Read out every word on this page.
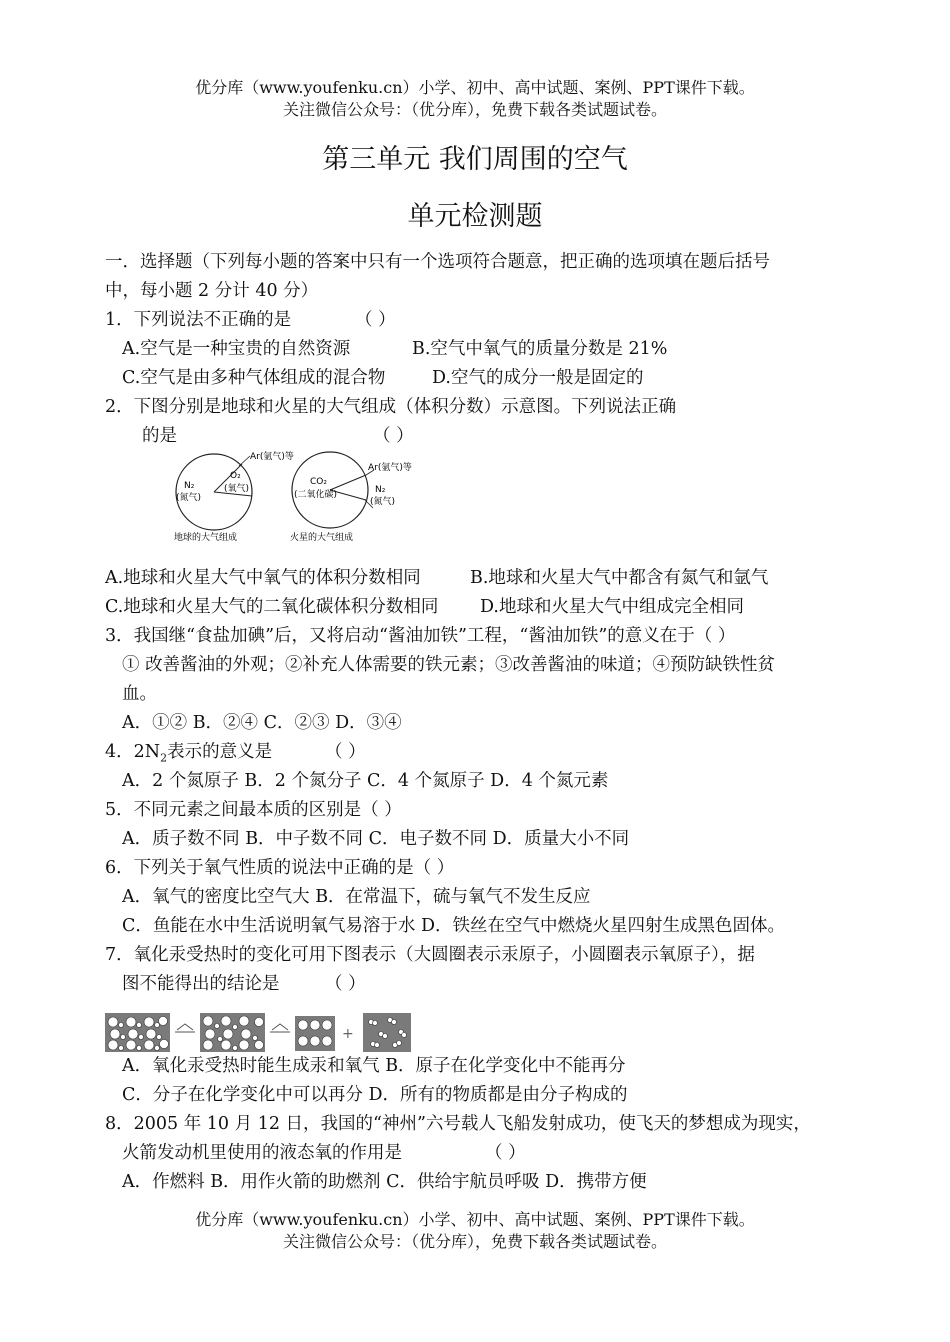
优分库（www.youfenku.cn）小学、初中、高中试题、案例、PPT课件下载。
关注微信公众号：（优分库），免费下载各类试题试卷。
第三单元 我们周围的空气
单元检测题
一．选择题（下列每小题的答案中只有一个选项符合题意，把正确的选项填在题后括号
中，每小题 2 分计 40 分）
1．下列说法不正确的是	（ ）
A.空气是一种宝贵的自然资源	B.空气中氧气的质量分数是 21%
C.空气是由多种气体组成的混合物	D.空气的成分一般是固定的
2．下图分别是地球和火星的大气组成（体积分数）示意图。下列说法正确
的是	（ ）
N₂
(氮气)
O₂
(氧气)
Ar(氩气)等
地球的大气组成
CO₂
(二氧化碳)
Ar(氩气)等
N₂
(氮气)
火星的大气组成
A.地球和火星大气中氧气的体积分数相同	B.地球和火星大气中都含有氮气和氩气
C.地球和火星大气的二氧化碳体积分数相同 D.地球和火星大气中组成完全相同
3．我国继“食盐加碘”后，又将启动“酱油加铁”工程，“酱油加铁”的意义在于（ ）
① 改善酱油的外观；②补充人体需要的铁元素；③改善酱油的味道；④预防缺铁性贫
血。
A．①② B．②④ C．②③ D．③④
4．$2N_2$表示的意义是	（ ）
A．2 个氮原子 B．2 个氮分子 C．4 个氮原子 D．4 个氮元素
5．不同元素之间最本质的区别是（ ）
A．质子数不同 B．中子数不同 C．电子数不同 D．质量大小不同
6．下列关于氧气性质的说法中正确的是（ ）
A．氧气的密度比空气大 B．在常温下，硫与氧气不发生反应
C．鱼能在水中生活说明氧气易溶于水 D．铁丝在空气中燃烧火星四射生成黑色固体。
7．氧化汞受热时的变化可用下图表示（大圆圈表示汞原子，小圆圈表示氧原子），据
图不能得出的结论是	（ ）
+
A．氧化汞受热时能生成汞和氧气 B．原子在化学变化中不能再分
C．分子在化学变化中可以再分 D．所有的物质都是由分子构成的
8．2005 年 10 月 12 日，我国的“神州”六号载人飞船发射成功，使飞天的梦想成为现实，
火箭发动机里使用的液态氧的作用是	（ ）
A．作燃料 B．用作火箭的助燃剂 C．供给宇航员呼吸 D．携带方便
优分库（www.youfenku.cn）小学、初中、高中试题、案例、PPT课件下载。
关注微信公众号：（优分库），免费下载各类试题试卷。
